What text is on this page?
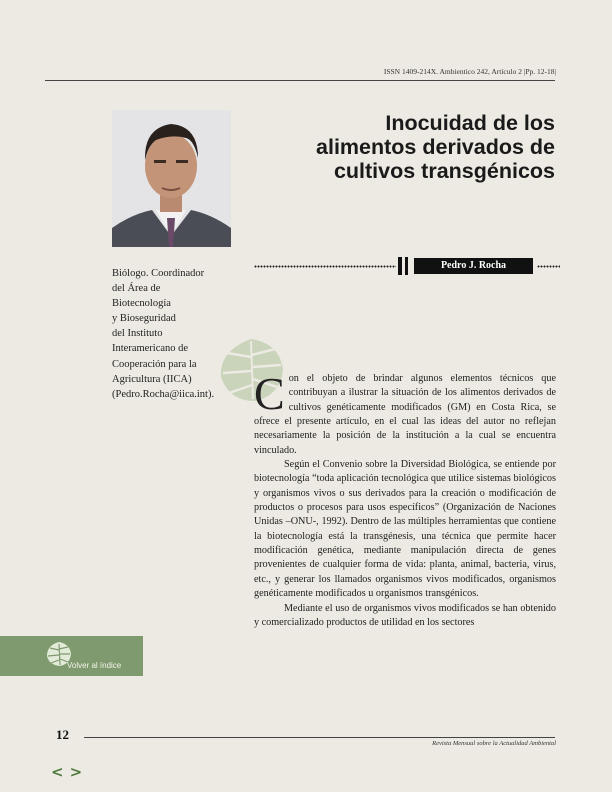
ISSN 1409-214X. Ambientico 242, Artículo 2 |Pp. 12-18|
Inocuidad de los
alimentos derivados de
cultivos transgénicos
Pedro J. Rocha
Biólogo. Coordinador
del Área de
Biotecnología
y Bioseguridad
del Instituto
Interamericano de
Cooperación para la
Agricultura (IICA)
(Pedro.Rocha@iica.int). Con el objeto de brindar algunos elementos técnicos que contribuyan a ilustrar la situación de los alimentos derivados de cultivos genéticamente modificados (GM) en Costa Rica, se ofrece el presente artículo, en el cual las ideas del autor no reflejan necesariamente la posición de la institución a la cual se encuentra vinculado.

Según el Convenio sobre la Diversidad Biológica, se entiende por biotecnología “toda aplicación tecnológica que utilice sistemas biológicos y organismos vivos o sus derivados para la creación o modificación de productos o procesos para usos específicos” (Organización de Naciones Unidas –ONU-, 1992). Dentro de las múltiples herramientas que contiene la biotecnología está la transgénesis, una técnica que permite hacer modificación genética, mediante manipulación directa de genes provenientes de cualquier forma de vida: planta, animal, bacteria, virus, etc., y generar los llamados organismos vivos modificados, organismos genéticamente modificados u organismos transgénicos.

Mediante el uso de organismos vivos modificados se han obtenido y comercializado productos de utilidad en los sectores

Volver al índice
12
Revista Mensual sobre la Actualidad Ambiental
< >
